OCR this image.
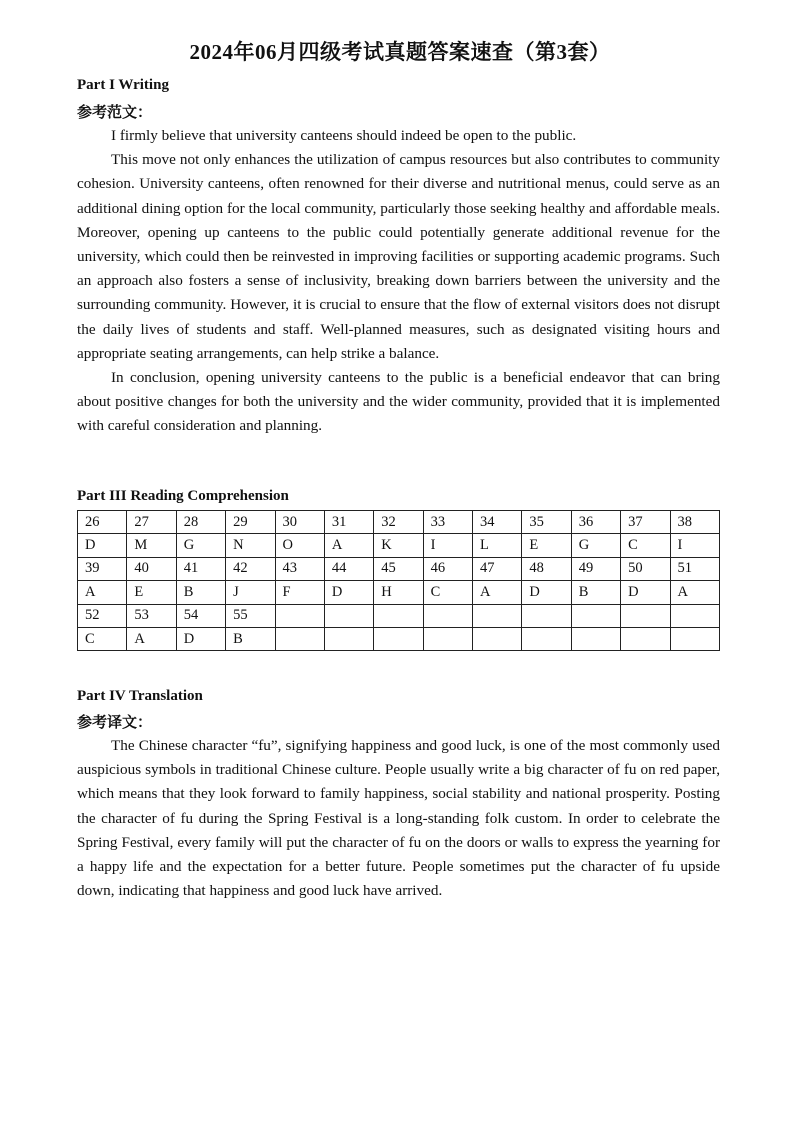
2024年06月四级考试真题答案速查（第3套）
Part I Writing
参考范文：

I firmly believe that university canteens should indeed be open to the public.

This move not only enhances the utilization of campus resources but also contributes to community cohesion. University canteens, often renowned for their diverse and nutritional menus, could serve as an additional dining option for the local community, particularly those seeking healthy and affordable meals. Moreover, opening up canteens to the public could potentially generate additional revenue for the university, which could then be reinvested in improving facilities or supporting academic programs. Such an approach also fosters a sense of inclusivity, breaking down barriers between the university and the surrounding community. However, it is crucial to ensure that the flow of external visitors does not disrupt the daily lives of students and staff. Well-planned measures, such as designated visiting hours and appropriate seating arrangements, can help strike a balance.

In conclusion, opening university canteens to the public is a beneficial endeavor that can bring about positive changes for both the university and the wider community, provided that it is implemented with careful consideration and planning.

Part III Reading Comprehension
26	27	28	29	30	31	32	33	34	35	36	37	38
D	M	G	N	O	A	K	I	L	E	G	C	I
39	40	41	42	43	44	45	46	47	48	49	50	51
A	E	B	J	F	D	H	C	A	D	B	D	A
52	53	54	55									
C	A	D	B									
Part IV Translation
参考译文：

The Chinese character “fu”, signifying happiness and good luck, is one of the most commonly used auspicious symbols in traditional Chinese culture. People usually write a big character of fu on red paper, which means that they look forward to family happiness, social stability and national prosperity. Posting the character of fu during the Spring Festival is a long-standing folk custom. In order to celebrate the Spring Festival, every family will put the character of fu on the doors or walls to express the yearning for a happy life and the expectation for a better future. People sometimes put the character of fu upside down, indicating that happiness and good luck have arrived.
